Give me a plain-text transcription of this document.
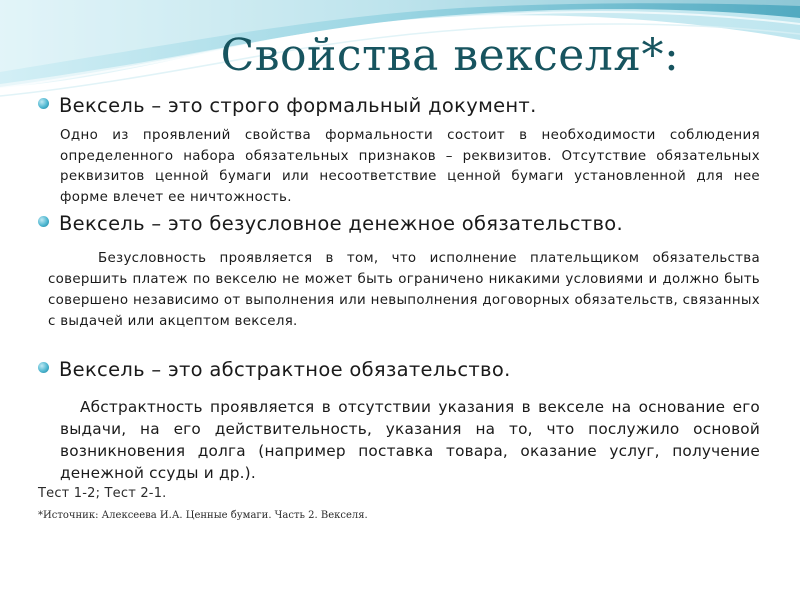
Свойства векселя*:
Вексель – это строго формальный документ.
Одно из проявлений свойства формальности состоит в необходимости соблюдения определенного набора обязательных признаков – реквизитов. Отсутствие обязательных реквизитов ценной бумаги или несоответствие ценной бумаги установленной для нее форме влечет ее ничтожность.
Вексель – это безусловное денежное обязательство.
Безусловность проявляется в том, что исполнение плательщиком обязательства совершить платеж по векселю не может быть ограничено никакими условиями и должно быть совершено независимо от выполнения или невыполнения договорных обязательств, связанных с выдачей или акцептом векселя.
Вексель – это абстрактное обязательство.
Абстрактность проявляется в отсутствии указания в векселе на основание его выдачи, на его действительность, указания на то, что послужило основой возникновения долга (например поставка товара, оказание услуг, получение денежной ссуды и др.).
Тест 1-2; Тест 2-1.
*Источник: Алексеева И.А. Ценные бумаги. Часть 2. Векселя.
